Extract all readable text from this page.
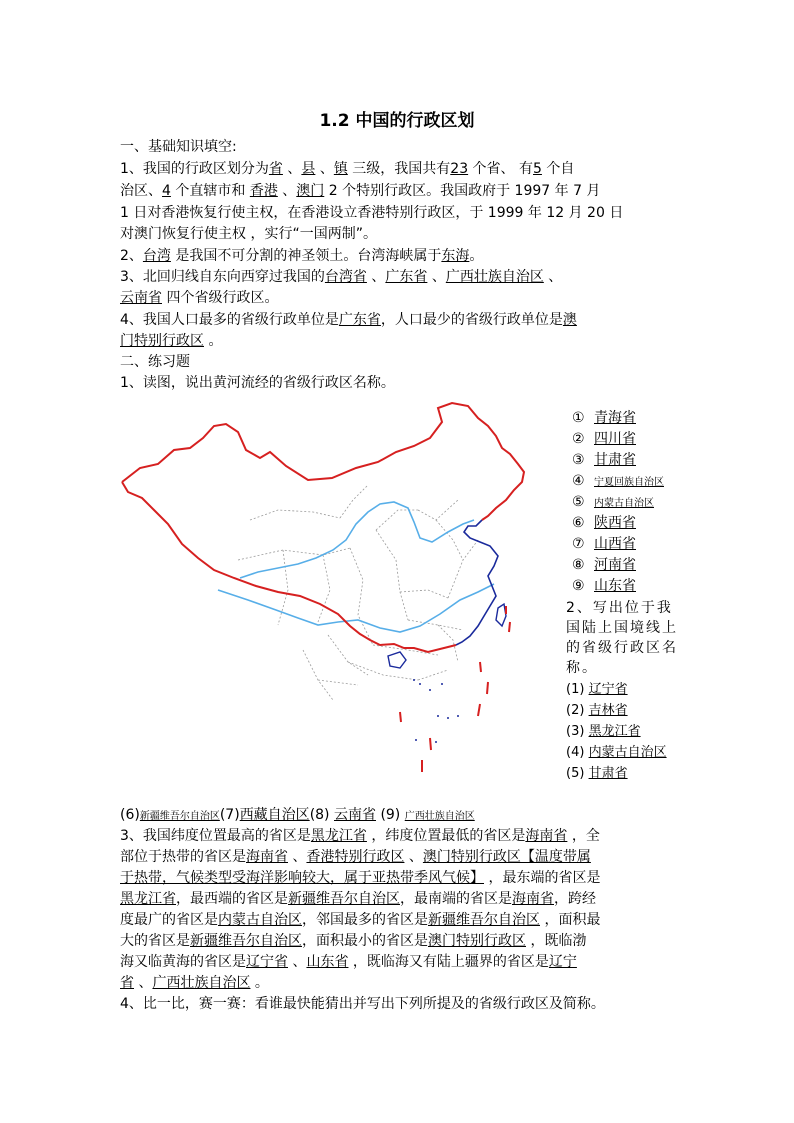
1.2 中国的行政区划
一、基础知识填空:
1、我国的行政区划分为省 、县 、镇 三级，我国共有23 个省、 有5 个自
治区、4 个直辖市和 香港 、澳门 2 个特别行政区。我国政府于 1997 年 7 月
1 日对香港恢复行使主权，在香港设立香港特别行政区，于 1999 年 12 月 20 日
对澳门恢复行使主权 ，实行“一国两制”。
2、台湾 是我国不可分割的神圣领土。台湾海峡属于东海。
3、北回归线自东向西穿过我国的台湾省 、广东省 、广西壮族自治区 、
云南省 四个省级行政区。
4、我国人口最多的省级行政单位是广东省，人口最少的省级行政单位是澳
门特别行政区 。
二、练习题
1、读图，说出黄河流经的省级行政区名称。
① 青海省
② 四川省
③ 甘肃省
④ 宁夏回族自治区
⑤ 内蒙古自治区
⑥ 陕西省
⑦ 山西省
⑧ 河南省
⑨ 山东省

2、写出位于我国陆上国境线上的省级行政区名称。

(1) 辽宁省
(2) 吉林省
(3) 黑龙江省
(4) 内蒙古自治区
(5) 甘肃省
(6)新疆维吾尔自治区(7)西藏自治区(8) 云南省 (9) 广西壮族自治区
3、我国纬度位置最高的省区是黑龙江省 ，纬度位置最低的省区是海南省 ，全
部位于热带的省区是海南省 、香港特别行政区 、澳门特别行政区【温度带属
于热带，气候类型受海洋影响较大，属于亚热带季风气候】 ，最东端的省区是
黑龙江省，最西端的省区是新疆维吾尔自治区，最南端的省区是海南省，跨经
度最广的省区是内蒙古自治区，邻国最多的省区是新疆维吾尔自治区 ，面积最
大的省区是新疆维吾尔自治区，面积最小的省区是澳门特别行政区 ，既临渤
海又临黄海的省区是辽宁省 、山东省 ，既临海又有陆上疆界的省区是辽宁
省 、广西壮族自治区 。
4、比一比，赛一赛：看谁最快能猜出并写出下列所提及的省级行政区及简称。
